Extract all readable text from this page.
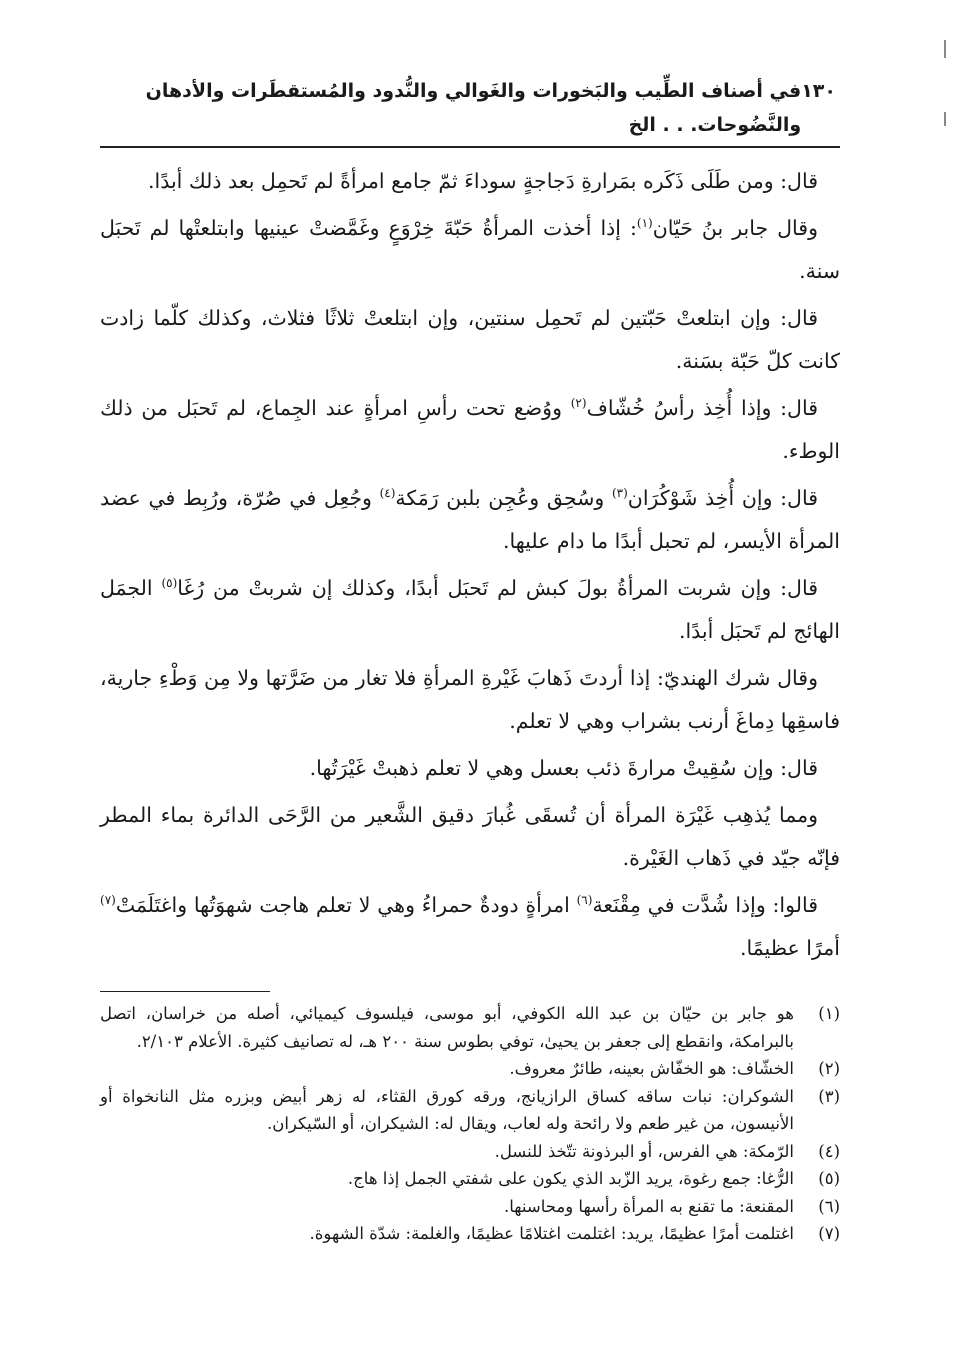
١٣٠
في أصناف الطِّيب والبَخورات والغَوالي والنُّدود والمُستقطَرات والأدهان والنَّضُوحات. . . الخ

قال: ومن طَلَى ذَكَره بمَرارةِ دَجاجةٍ سوداءَ ثمّ جامع امرأةً لم تَحمِل بعد ذلك أبدًا.

وقال جابر بنُ حَيّان$^{(١)}$: إذا أخذت المرأةُ حَبّةَ خِرْوَعٍ وغَمَّضتْ عينيها وابتلعتْها لم تَحبَل سنة.

قال: وإن ابتلعتْ حَبّتين لم تَحمِل سنتين، وإن ابتلعتْ ثلاثًا فثلاث، وكذلك كلّما زادت كانت كلّ حَبّة بسَنة.

قال: وإذا أُخِذ رأسُ خُشّاف$^{(٢)}$ ووُضع تحت رأسِ امرأةٍ عند الجِماع، لم تَحبَل من ذلك الوطء.

قال: وإن أُخِذ شَوْكُرَان$^{(٣)}$ وسُحِق وعُجِن بلبن رَمَكة$^{(٤)}$ وجُعِل في صُرّة، ورُبِط في عضد المرأة الأيسر، لم تحبل أبدًا ما دام عليها.

قال: وإن شربت المرأةُ بولَ كبش لم تَحبَل أبدًا، وكذلك إن شربتْ من رُغَا$^{(٥)}$ الجمَل الهائج لم تَحبَل أبدًا.

وقال شرك الهنديّ: إذا أردتَ ذَهابَ غَيْرةِ المرأةِ فلا تغار من ضَرَّتها ولا مِن وَطْءِ جارية، فاسقِها دِماغَ أرنب بشراب وهي لا تعلم.

قال: وإن سُقِيتْ مرارةَ ذئب بعسل وهي لا تعلم ذهبتْ غَيْرَتُها.

ومما يُذهِب غَيْرَة المرأة أن تُسقَى غُبارَ دقيق الشَّعير من الرَّحَى الدائرة بماء المطر فإنّه جيّد في ذَهاب الغَيْرة.

قالوا: وإذا شُدَّت في مِقْنَعة$^{(٦)}$ امرأةٍ دودةٌ حمراءُ وهي لا تعلم هاجت شهوَتُها واغتَلَمَتْ$^{(٧)}$ أمرًا عظيمًا.

(١)
هو جابر بن حيّان بن عبد الله الكوفي، أبو موسى، فيلسوف كيميائي، أصله من خراسان، اتصل بالبرامكة، وانقطع إلى جعفر بن يحيىٰ، توفي بطوس سنة ٢٠٠ هـ، له تصانيف كثيرة. الأعلام ٢/١٠٣.
(٢)
الخشّاف: هو الخفّاش بعينه، طائرٌ معروف.
(٣)
الشوكران: نبات ساقه كساق الرازيانج، ورقه كورق القثاء، له زهر أبيض وبزره مثل النانخواة أو الأنيسون، من غير طعم ولا رائحة وله لعاب، ويقال له: الشيكران، أو السّيكران.
(٤)
الرّمكة: هي الفرس، أو البرذونة تتّخذ للنسل.
(٥)
الرُّغا: جمع رغوة، يريد الزّبد الذي يكون على شفتي الجمل إذا هاج.
(٦)
المقنعة: ما تقنع به المرأة رأسها ومحاسنها.
(٧)
اغتلمت أمرًا عظيمًا، يريد: اغتلمت اغتلامًا عظيمًا، والغلمة: شدّة الشهوة.
